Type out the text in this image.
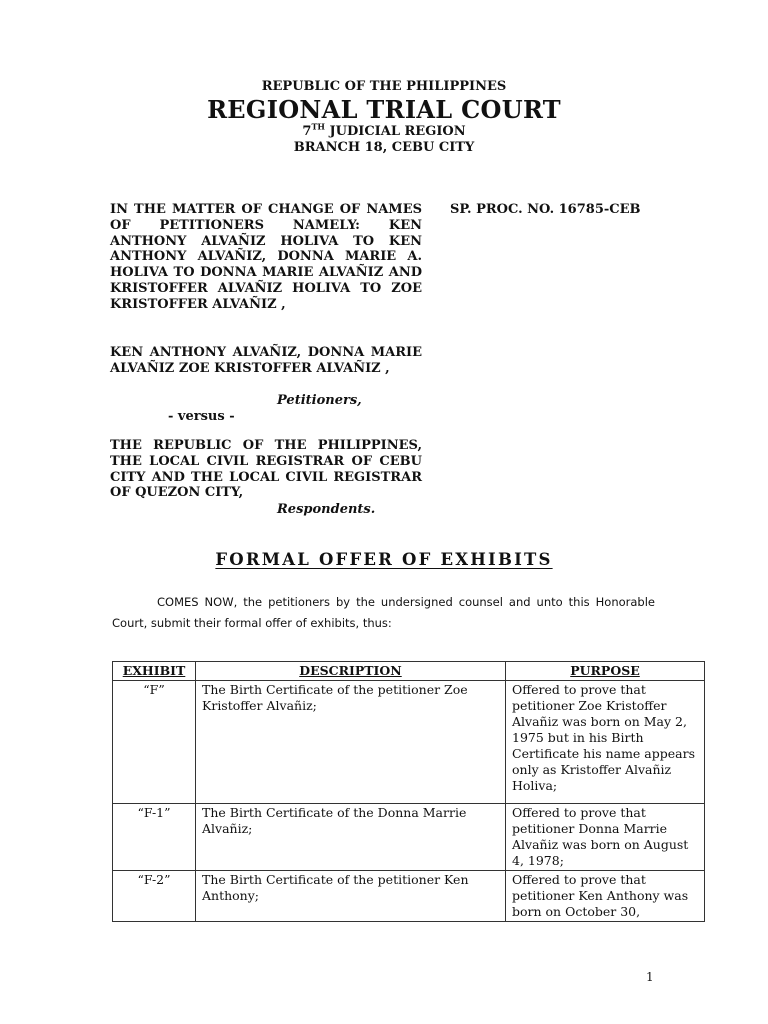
REPUBLIC OF THE PHILIPPINES
REGIONAL TRIAL COURT
7TH JUDICIAL REGION
BRANCH 18, CEBU CITY

IN THE MATTER OF CHANGE OF NAMES OF PETITIONERS NAMELY: KEN ANTHONY ALVAÑIZ HOLIVA TO KEN ANTHONY ALVAÑIZ, DONNA MARIE A. HOLIVA TO DONNA MARIE ALVAÑIZ AND KRISTOFFER ALVAÑIZ HOLIVA TO ZOE KRISTOFFER ALVAÑIZ ,

SP. PROC. NO. 16785-CEB

KEN ANTHONY ALVAÑIZ, DONNA MARIE ALVAÑIZ ZOE KRISTOFFER ALVAÑIZ ,

Petitioners,
- versus -

THE REPUBLIC OF THE PHILIPPINES, THE LOCAL CIVIL REGISTRAR OF CEBU CITY AND THE LOCAL CIVIL REGISTRAR OF QUEZON CITY,

Respondents.
FORMAL OFFER OF EXHIBITS

COMES NOW, the petitioners by the undersigned counsel and unto this Honorable Court, submit their formal offer of exhibits, thus:

EXHIBIT	DESCRIPTION	PURPOSE
“F”	The Birth Certificate of the petitioner Zoe Kristoffer Alvañiz;	Offered to prove that petitioner Zoe Kristoffer Alvañiz was born on May 2, 1975 but in his Birth Certificate his name appears only as Kristoffer Alvañiz Holiva;
“F-1”	The Birth Certificate of the Donna Marrie Alvañiz;	Offered to prove that petitioner Donna Marrie Alvañiz was born on August 4, 1978;
“F-2”	The Birth Certificate of the petitioner Ken Anthony;	Offered to prove that petitioner Ken Anthony was born on October 30,
1
